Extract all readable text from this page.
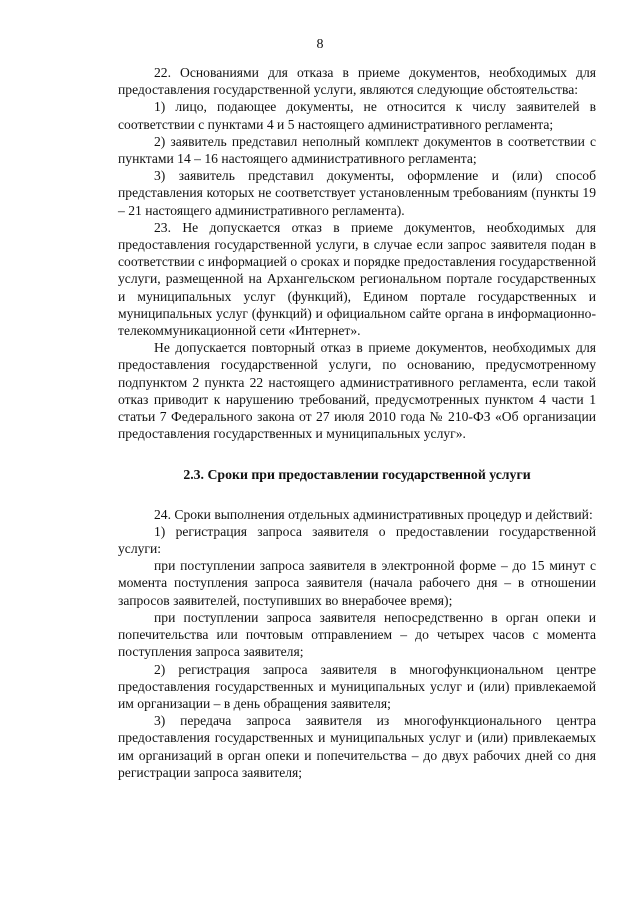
8

22. Основаниями для отказа в приеме документов, необходимых для предоставления государственной услуги, являются следующие обстоятельства:

1) лицо, подающее документы, не относится к числу заявителей в соответствии с пунктами 4 и 5 настоящего административного регламента;

2) заявитель представил неполный комплект документов в соответствии с пунктами 14 – 16 настоящего административного регламента;

3) заявитель представил документы, оформление и (или) способ представления которых не соответствует установленным требованиям (пункты 19 – 21 настоящего административного регламента).

23. Не допускается отказ в приеме документов, необходимых для предоставления государственной услуги, в случае если запрос заявителя подан в соответствии с информацией о сроках и порядке предоставления государственной услуги, размещенной на Архангельском региональном портале государственных и муниципальных услуг (функций), Едином портале государственных и муниципальных услуг (функций) и официальном сайте органа в информационно-телекоммуникационной сети «Интернет».

Не допускается повторный отказ в приеме документов, необходимых для предоставления государственной услуги, по основанию, предусмотренному подпунктом 2 пункта 22 настоящего административного регламента, если такой отказ приводит к нарушению требований, предусмотренных пунктом 4 части 1 статьи 7 Федерального закона от 27 июля 2010 года № 210-ФЗ «Об организации предоставления государственных и муниципальных услуг».

2.3. Сроки при предоставлении государственной услуги

24. Сроки выполнения отдельных административных процедур и действий:

1) регистрация запроса заявителя о предоставлении государственной услуги:

при поступлении запроса заявителя в электронной форме – до 15 минут с момента поступления запроса заявителя (начала рабочего дня – в отношении запросов заявителей, поступивших во внерабочее время);

при поступлении запроса заявителя непосредственно в орган опеки и попечительства или почтовым отправлением – до четырех часов с момента поступления запроса заявителя;

2) регистрация запроса заявителя в многофункциональном центре предоставления государственных и муниципальных услуг и (или) привлекаемой им организации – в день обращения заявителя;

3) передача запроса заявителя из многофункционального центра предоставления государственных и муниципальных услуг и (или) привлекаемых им организаций в орган опеки и попечительства – до двух рабочих дней со дня регистрации запроса заявителя;
